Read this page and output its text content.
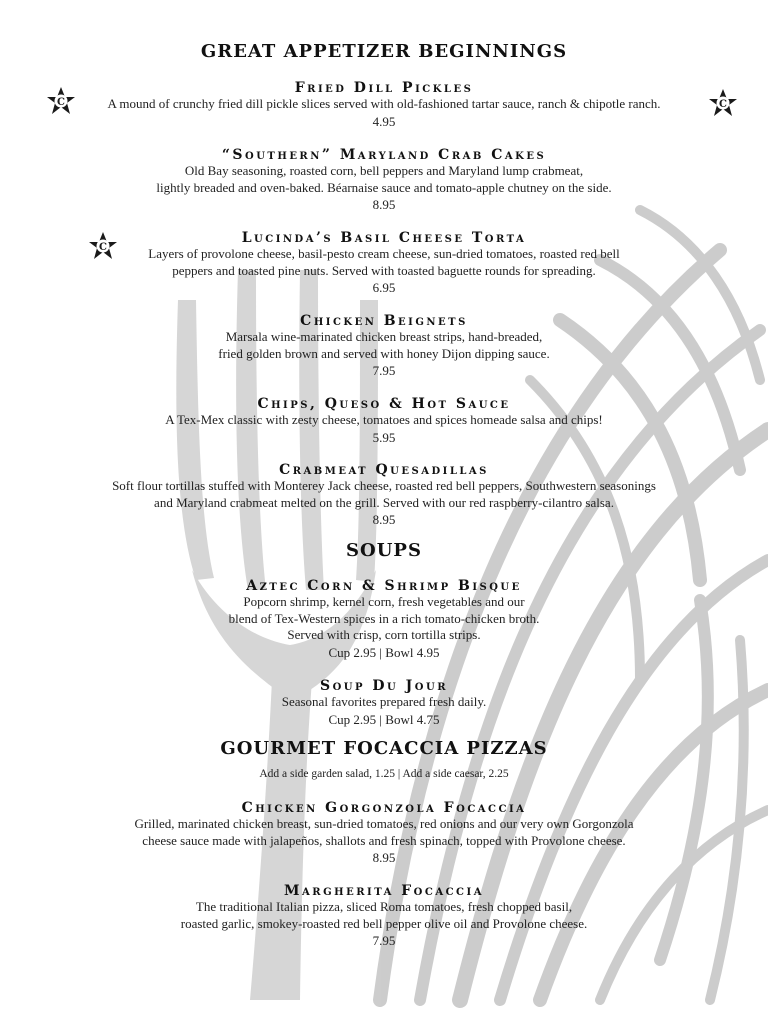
GREAT APPETIZER BEGINNINGS
Fried Dill Pickles
A mound of crunchy fried dill pickle slices served with old-fashioned tartar sauce, ranch & chipotle ranch.
4.95
“Southern” Maryland Crab Cakes
Old Bay seasoning, roasted corn, bell peppers and Maryland lump crabmeat,
lightly breaded and oven-baked. Béarnaise sauce and tomato-apple chutney on the side.
8.95
Lucinda’s Basil Cheese Torta
Layers of provolone cheese, basil-pesto cream cheese, sun-dried tomatoes, roasted red bell
peppers and toasted pine nuts. Served with toasted baguette rounds for spreading.
6.95
Chicken Beignets
Marsala wine-marinated chicken breast strips, hand-breaded,
fried golden brown and served with honey Dijon dipping sauce.
7.95
Chips, Queso & Hot Sauce
A Tex-Mex classic with zesty cheese, tomatoes and spices homeade salsa and chips!
5.95
Crabmeat Quesadillas
Soft flour tortillas stuffed with Monterey Jack cheese, roasted red bell peppers, Southwestern seasonings
and Maryland crabmeat melted on the grill. Served with our red raspberry-cilantro salsa.
8.95
SOUPS
Aztec Corn & Shrimp Bisque
Popcorn shrimp, kernel corn, fresh vegetables and our
blend of Tex-Western spices in a rich tomato-chicken broth.
Served with crisp, corn tortilla strips.
Cup 2.95 | Bowl 4.95
Soup Du Jour
Seasonal favorites prepared fresh daily.
Cup 2.95 | Bowl 4.75
GOURMET FOCACCIA PIZZAS
Add a side garden salad, 1.25 | Add a side caesar, 2.25
Chicken Gorgonzola Focaccia
Grilled, marinated chicken breast, sun-dried tomatoes, red onions and our very own Gorgonzola
cheese sauce made with jalapeños, shallots and fresh spinach, topped with Provolone cheese.
8.95
Margherita Focaccia
The traditional Italian pizza, sliced Roma tomatoes, fresh chopped basil,
roasted garlic, smokey-roasted red bell pepper olive oil and Provolone cheese.
7.95
C	C
C
